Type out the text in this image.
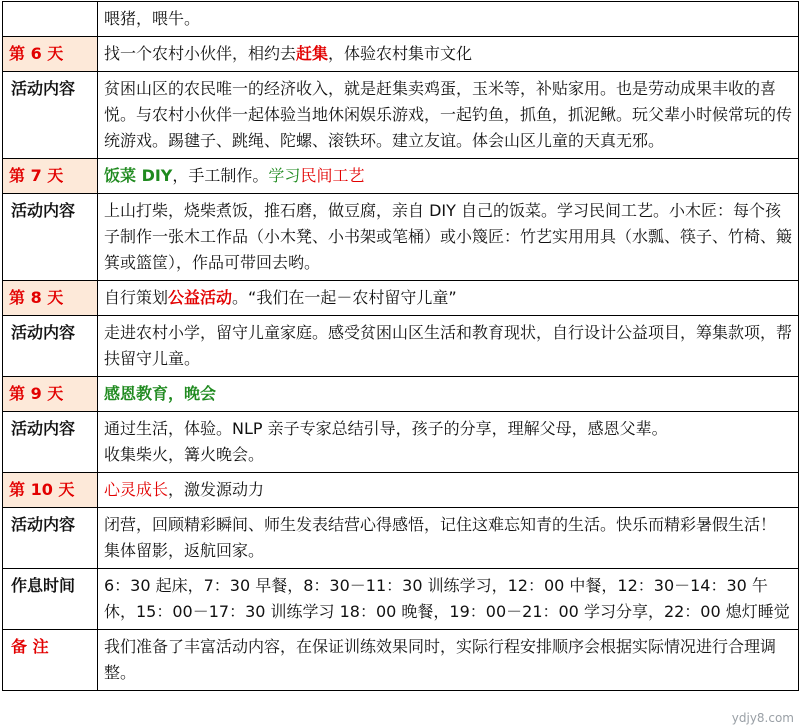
	喂猪，喂牛。
第 6 天	找一个农村小伙伴，相约去赶集，体验农村集市文化
活动内容	贫困山区的农民唯一的经济收入，就是赶集卖鸡蛋，玉米等，补贴家用。也是劳动成果丰收的喜悦。与农村小伙伴一起体验当地休闲娱乐游戏，一起钓鱼，抓鱼，抓泥鳅。玩父辈小时候常玩的传统游戏。踢毽子、跳绳、陀螺、滚铁环。建立友谊。体会山区儿童的天真无邪。
第 7 天	饭菜 DIY，手工制作。学习民间工艺
活动内容	上山打柴，烧柴煮饭，推石磨，做豆腐，亲自 DIY 自己的饭菜。学习民间工艺。小木匠：每个孩子制作一张木工作品（小木凳、小书架或笔桶）或小篾匠：竹艺实用用具（水瓢、筷子、竹椅、簸箕或篮筐），作品可带回去哟。
第 8 天	自行策划公益活动。“我们在一起－农村留守儿童”
活动内容	走进农村小学，留守儿童家庭。感受贫困山区生活和教育现状，自行设计公益项目，筹集款项，帮扶留守儿童。
第 9 天	感恩教育，晚会
活动内容	通过生活，体验。NLP 亲子专家总结引导，孩子的分享，理解父母，感恩父辈。

收集柴火，篝火晚会。

第 10 天	心灵成长，激发源动力
活动内容	闭营，回顾精彩瞬间、师生发表结营心得感悟，记住这难忘知青的生活。快乐而精彩暑假生活！

集体留影，返航回家。

作息时间	6：30 起床，7：30 早餐，8：30－11：30 训练学习，12：00 中餐，12：30－14：30 午休，15：00－17：30 训练学习 18：00 晚餐，19：00－21：00 学习分享，22：00 熄灯睡觉
备 注	我们准备了丰富活动内容，在保证训练效果同时，实际行程安排顺序会根据实际情况进行合理调整。
ydjy8.com
